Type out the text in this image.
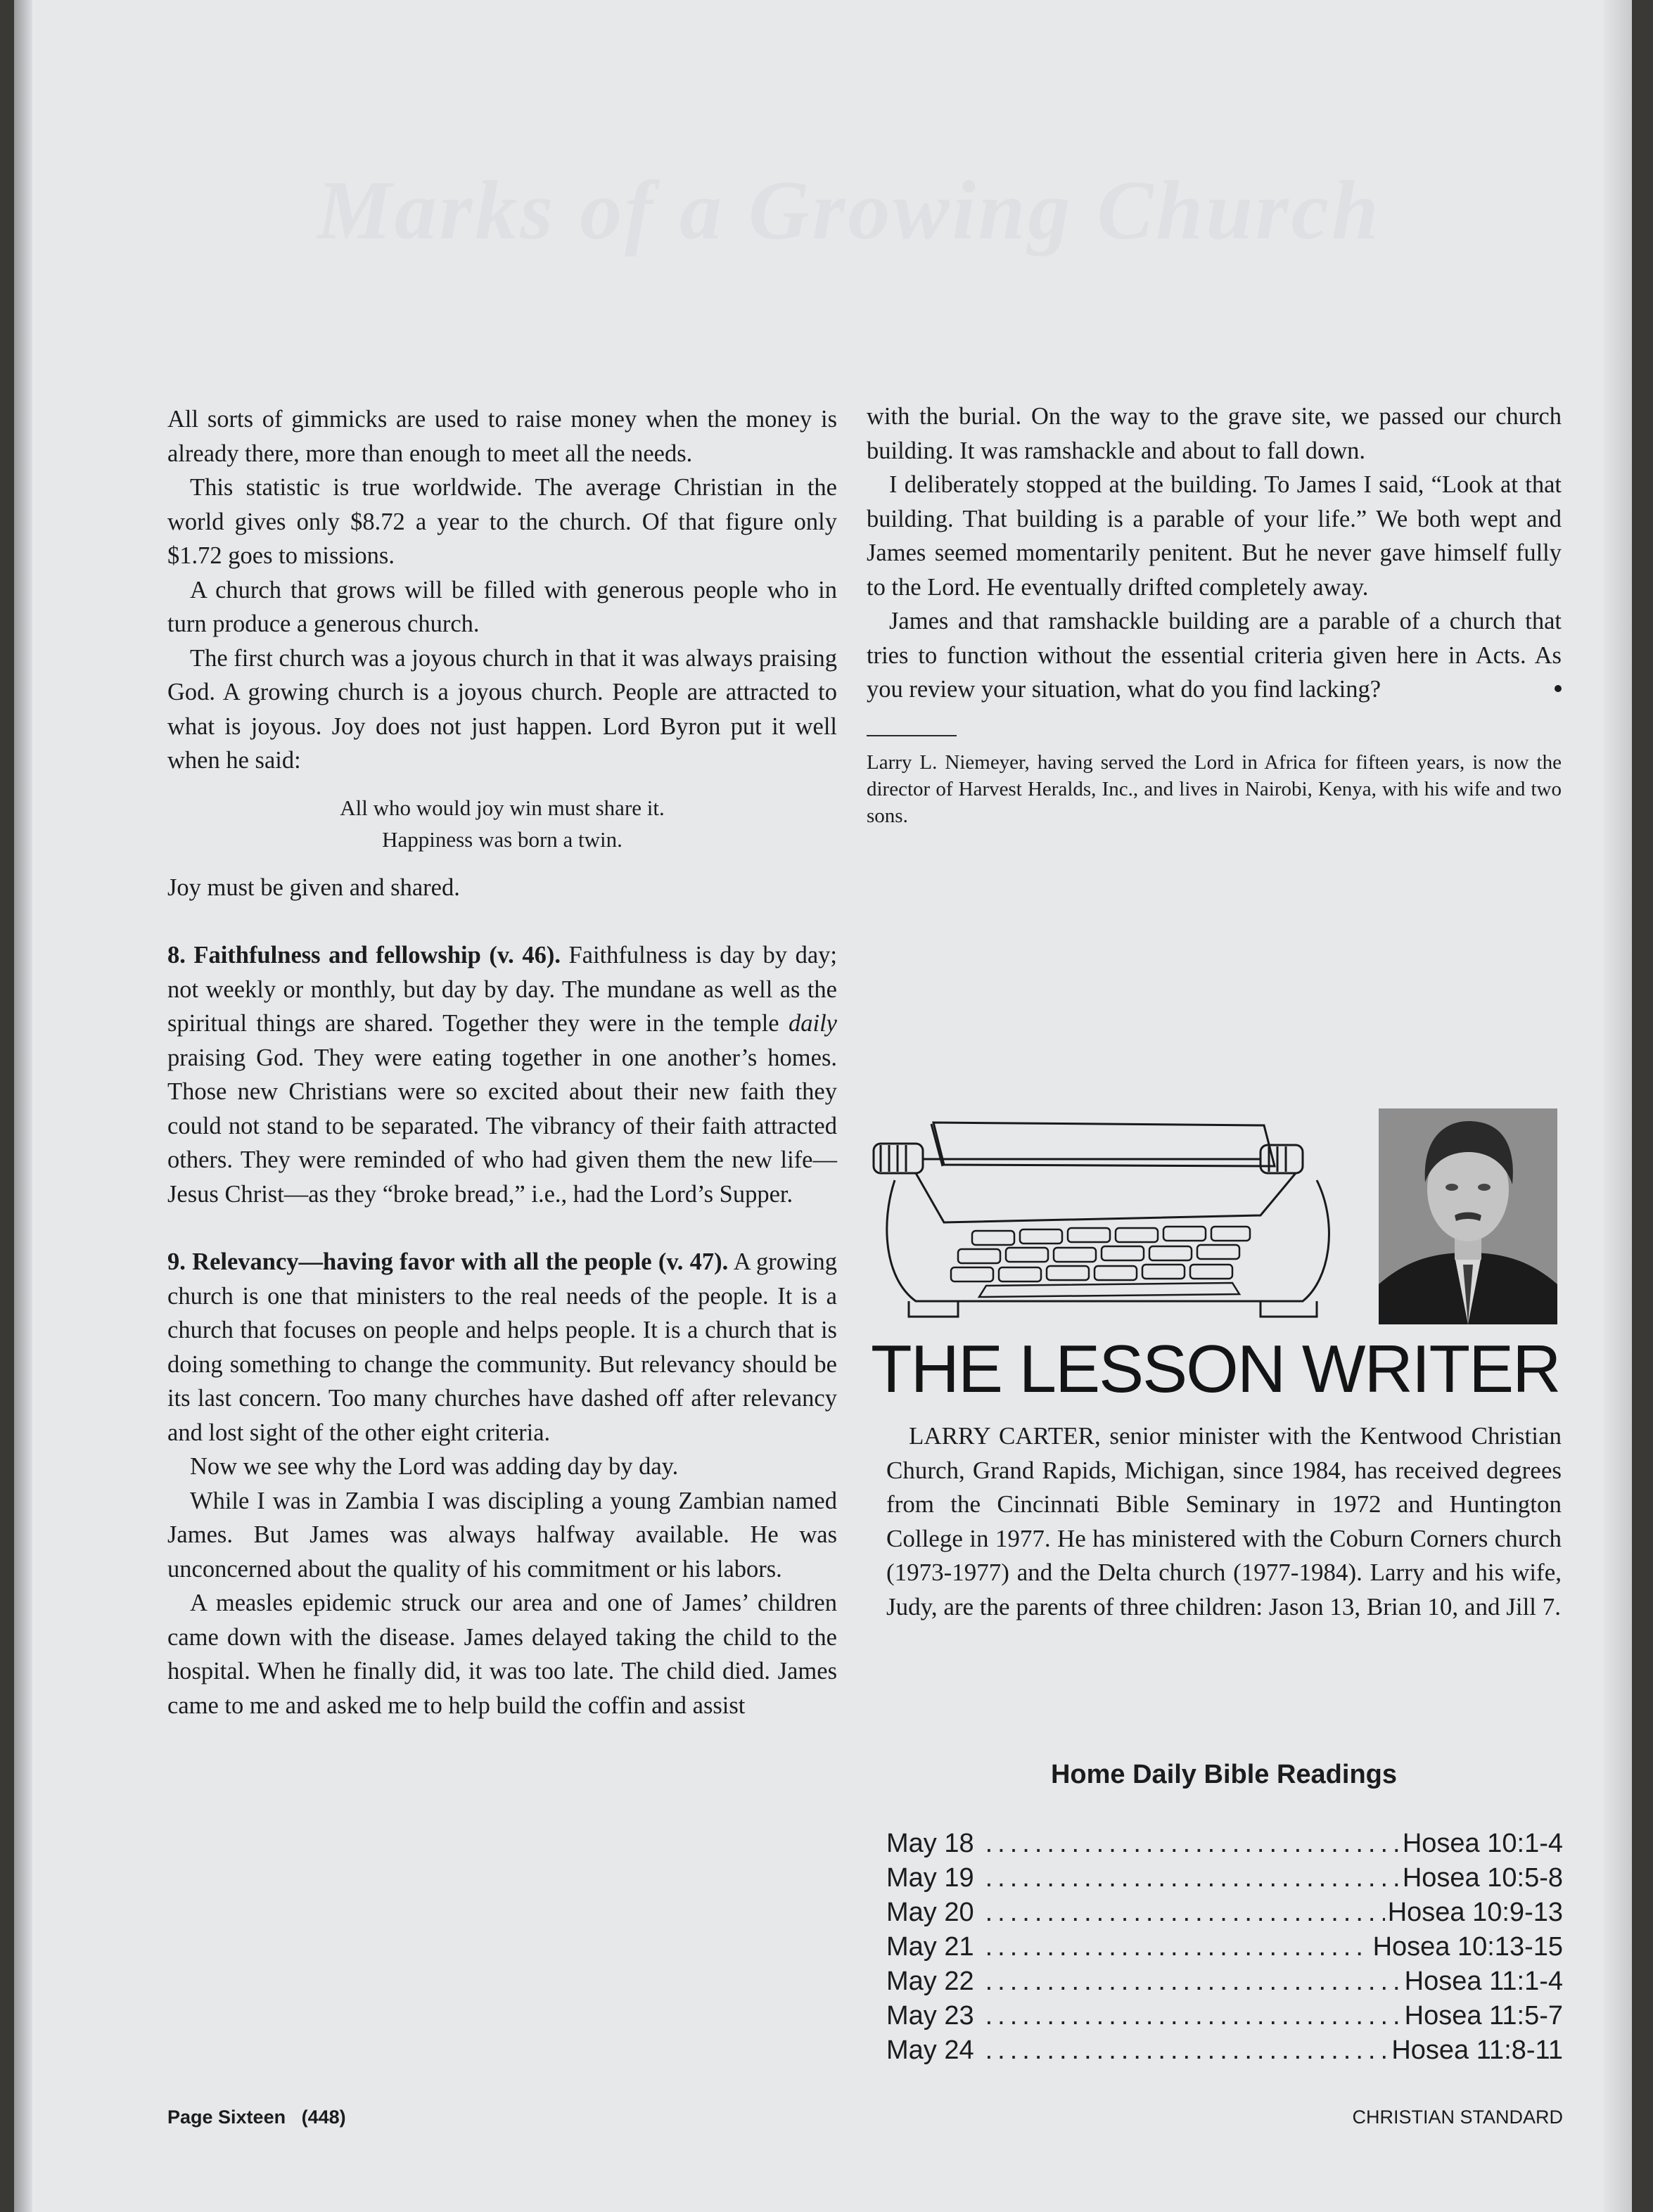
Marks of a Growing Church

All sorts of gimmicks are used to raise money when the money is already there, more than enough to meet all the needs.

This statistic is true worldwide. The average Christian in the world gives only $8.72 a year to the church. Of that figure only $1.72 goes to missions.

A church that grows will be filled with generous people who in turn produce a generous church.

The first church was a joyous church in that it was always praising God. A growing church is a joyous church. People are attracted to what is joyous. Joy does not just happen. Lord Byron put it well when he said:

All who would joy win must share it.
Happiness was born a twin.

Joy must be given and shared.

8. Faithfulness and fellowship (v. 46). Faithfulness is day by day; not weekly or monthly, but day by day. The mundane as well as the spiritual things are shared. Together they were in the temple daily praising God. They were eating together in one another’s homes. Those new Christians were so excited about their new faith they could not stand to be separated. The vibrancy of their faith attracted others. They were reminded of who had given them the new life—Jesus Christ—as they “broke bread,” i.e., had the Lord’s Supper.

9. Relevancy—having favor with all the people (v. 47). A growing church is one that ministers to the real needs of the people. It is a church that focuses on people and helps people. It is a church that is doing something to change the community. But relevancy should be its last concern. Too many churches have dashed off after relevancy and lost sight of the other eight criteria.

Now we see why the Lord was adding day by day.

While I was in Zambia I was discipling a young Zambian named James. But James was always halfway available. He was unconcerned about the quality of his commitment or his labors.

A measles epidemic struck our area and one of James’ children came down with the disease. James delayed taking the child to the hospital. When he finally did, it was too late. The child died. James came to me and asked me to help build the coffin and assist

with the burial. On the way to the grave site, we passed our church building. It was ramshackle and about to fall down.

I deliberately stopped at the building. To James I said, “Look at that building. That building is a parable of your life.” We both wept and James seemed momentarily penitent. But he never gave himself fully to the Lord. He eventually drifted completely away.

James and that ramshackle building are a parable of a church that tries to function without the essential criteria given here in Acts. As you review your situation, what do you find lacking?

Larry L. Niemeyer, having served the Lord in Africa for fifteen years, is now the director of Harvest Heralds, Inc., and lives in Nairobi, Kenya, with his wife and two sons.

THE LESSON WRITER

LARRY CARTER, senior minister with the Kentwood Christian Church, Grand Rapids, Michigan, since 1984, has received degrees from the Cincinnati Bible Seminary in 1972 and Huntington College in 1977. He has ministered with the Coburn Corners church (1973-1977) and the Delta church (1977-1984). Larry and his wife, Judy, are the parents of three children: Jason 13, Brian 10, and Jill 7.

Home Daily Bible Readings
May 18 .....	Hosea 10:1-4
May 19 .....	Hosea 10:5-8
May 20 .....	Hosea 10:9-13
May 21 .....	Hosea 10:13-15
May 22 .....	Hosea 11:1-4
May 23 .....	Hosea 11:5-7
May 24 .....	Hosea 11:8-11
Page Sixteen (448)	CHRISTIAN STANDARD
